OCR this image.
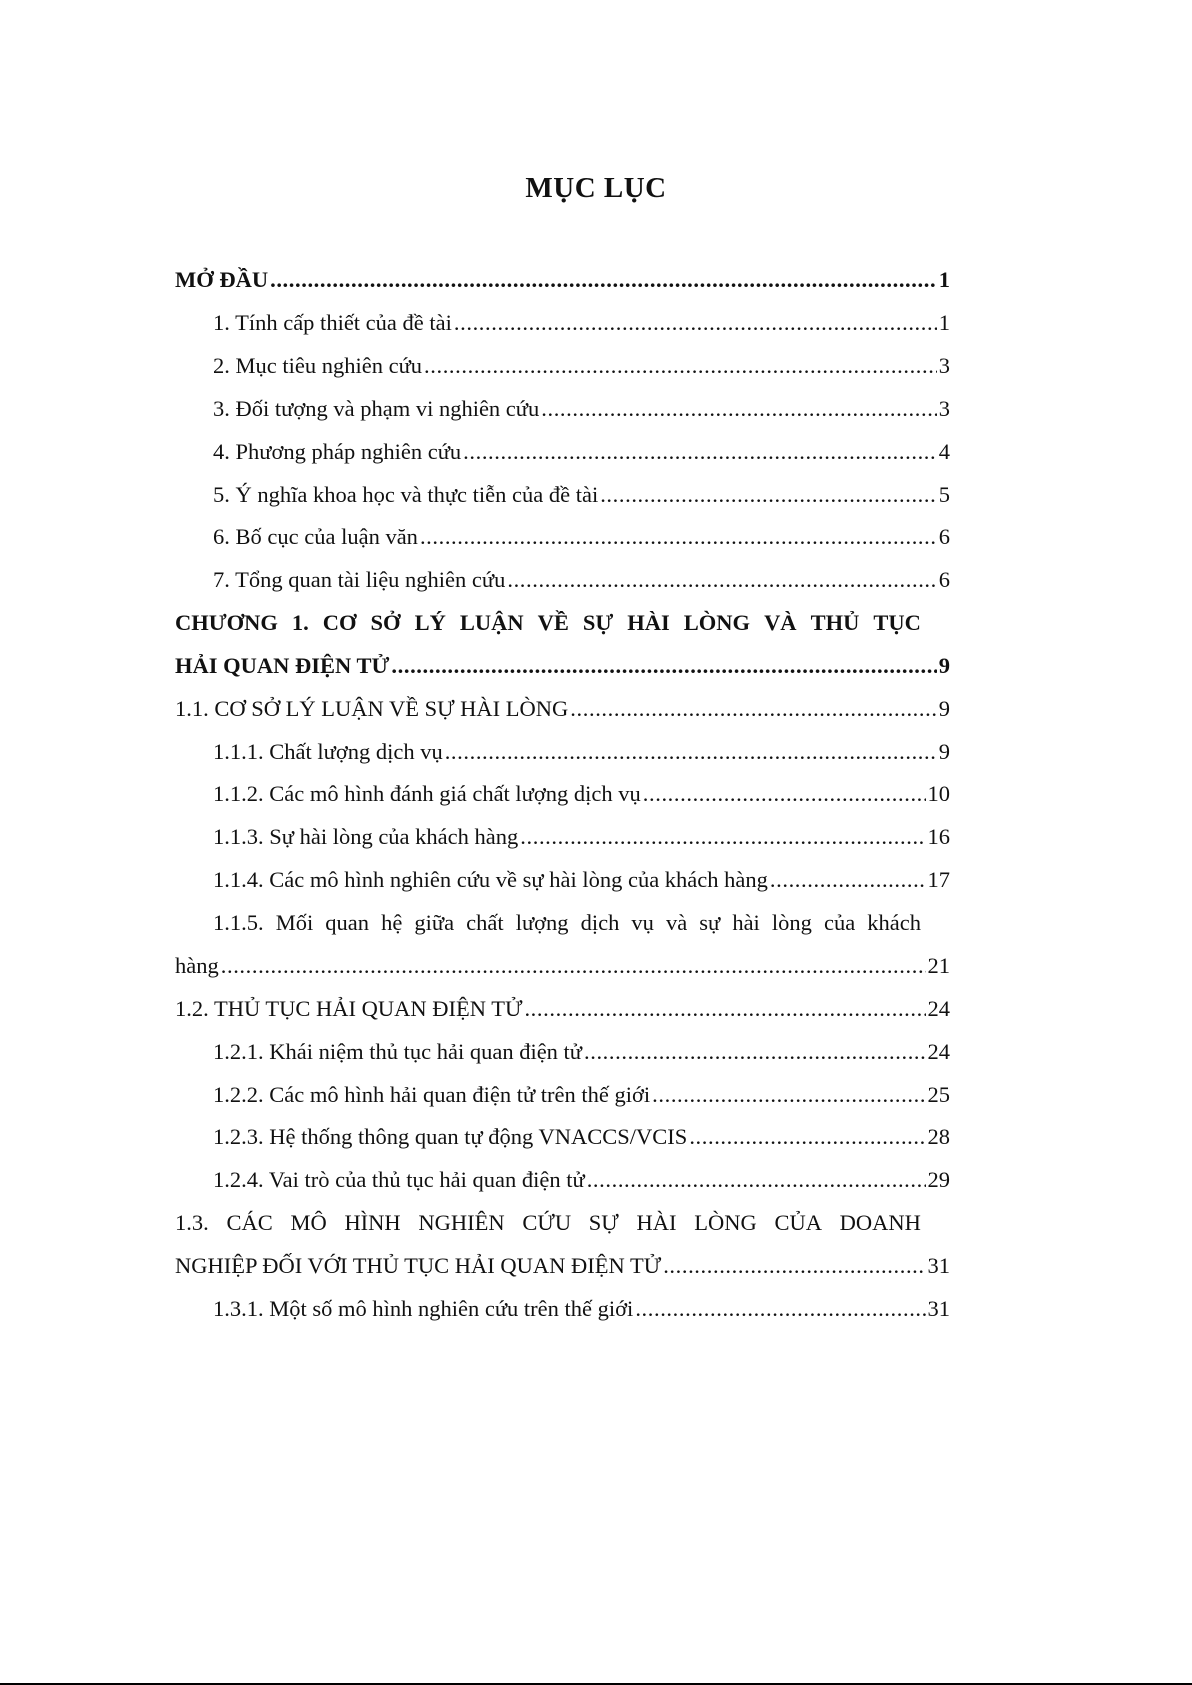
MỤC LỤC
MỞ ĐẦU .....	1
1. Tính cấp thiết của đề tài .....	1
2. Mục tiêu nghiên cứu .....	3
3. Đối tượng và phạm vi nghiên cứu .....	3
4. Phương pháp nghiên cứu .....	4
5. Ý nghĩa khoa học và thực tiễn của đề tài .....	5
6. Bố cục của luận văn .....	6
7. Tổng quan tài liệu nghiên cứu .....	6
CHƯƠNG 1. CƠ SỞ LÝ LUẬN VỀ SỰ HÀI LÒNG VÀ THỦ TỤC
HẢI QUAN ĐIỆN TỬ .....	9
1.1. CƠ SỞ LÝ LUẬN VỀ SỰ HÀI LÒNG .....	9
1.1.1. Chất lượng dịch vụ .....	9
1.1.2. Các mô hình đánh giá chất lượng dịch vụ .....	10
1.1.3. Sự hài lòng của khách hàng .....	16
1.1.4. Các mô hình nghiên cứu về sự hài lòng của khách hàng .....	17
1.1.5. Mối quan hệ giữa chất lượng dịch vụ và sự hài lòng của khách
hàng .....	21
1.2. THỦ TỤC HẢI QUAN ĐIỆN TỬ .....	24
1.2.1. Khái niệm thủ tục hải quan điện tử .....	24
1.2.2. Các mô hình hải quan điện tử trên thế giới .....	25
1.2.3. Hệ thống thông quan tự động VNACCS/VCIS .....	28
1.2.4. Vai trò của thủ tục hải quan điện tử .....	29
1.3. CÁC MÔ HÌNH NGHIÊN CỨU SỰ HÀI LÒNG CỦA DOANH
NGHIỆP ĐỐI VỚI THỦ TỤC HẢI QUAN ĐIỆN TỬ .....	31
1.3.1. Một số mô hình nghiên cứu trên thế giới .....	31
